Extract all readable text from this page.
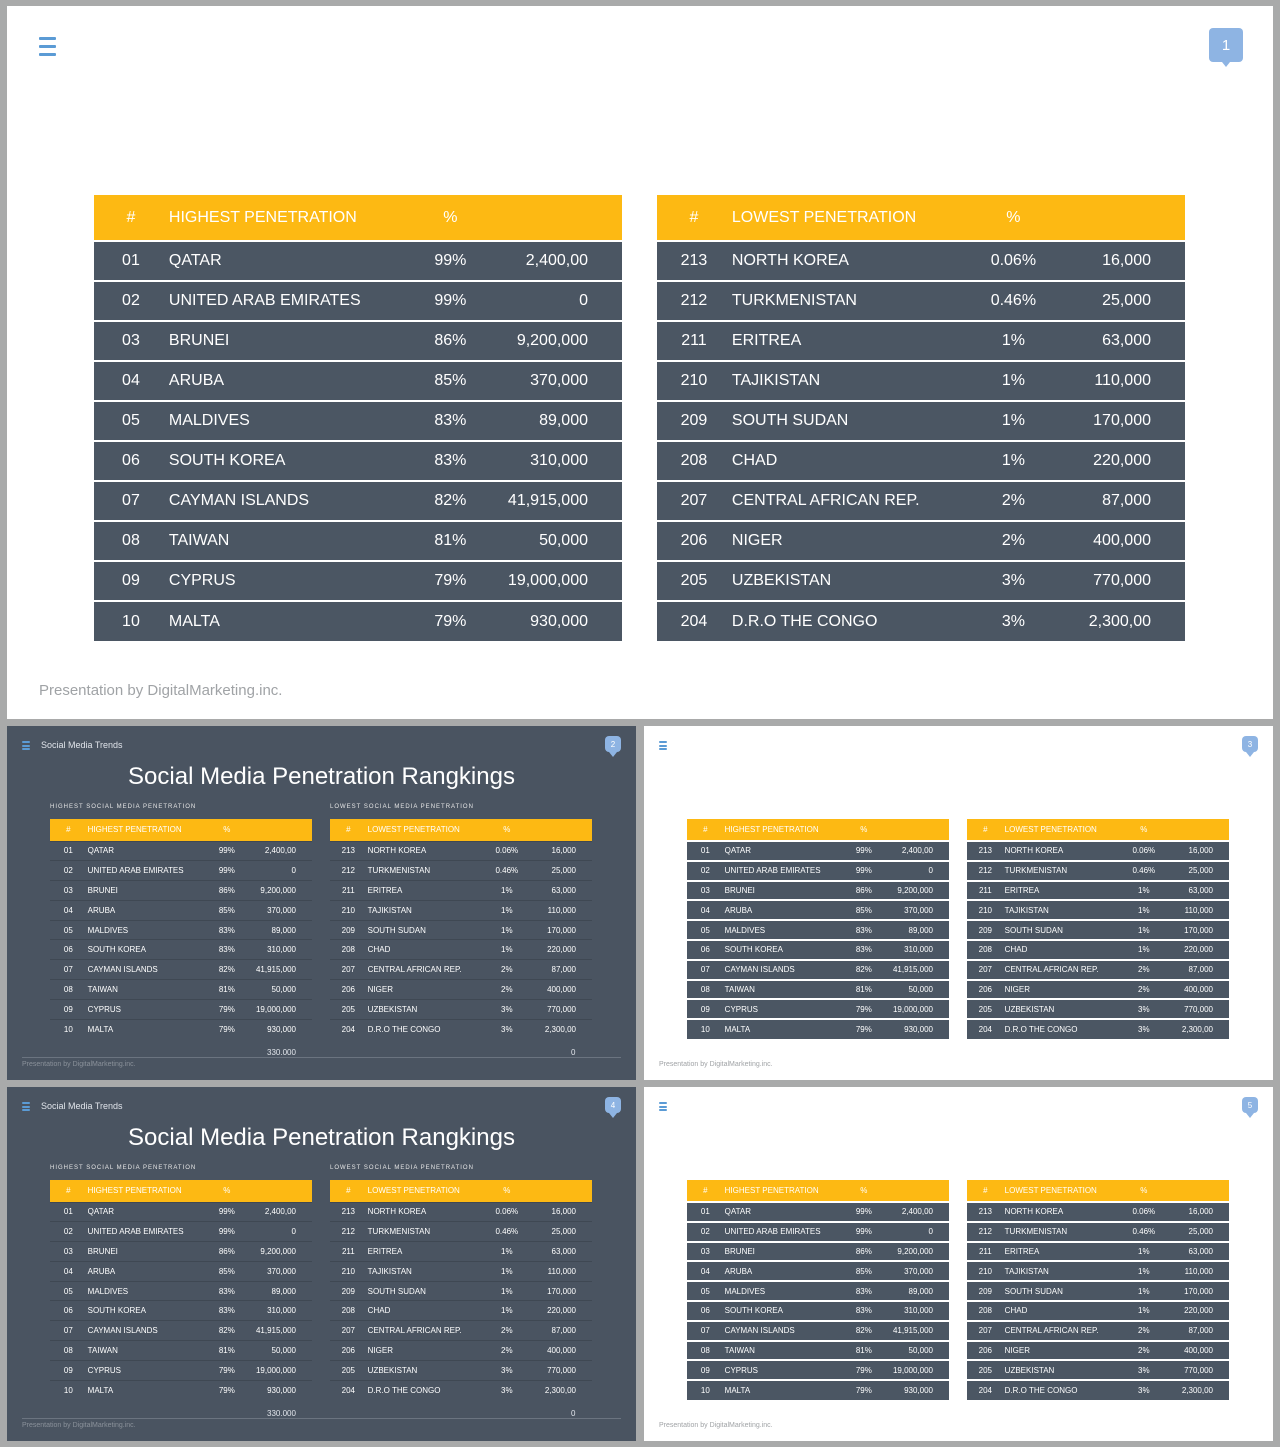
1
#	HIGHEST PENETRATION	%	
01	QATAR	99%	2,400,00
02	UNITED ARAB EMIRATES	99%	0
03	BRUNEI	86%	9,200,000
04	ARUBA	85%	370,000
05	MALDIVES	83%	89,000
06	SOUTH KOREA	83%	310,000
07	CAYMAN ISLANDS	82%	41,915,000
08	TAIWAN	81%	50,000
09	CYPRUS	79%	19,000,000
10	MALTA	79%	930,000
#	LOWEST PENETRATION	%	
213	NORTH KOREA	0.06%	16,000
212	TURKMENISTAN	0.46%	25,000
211	ERITREA	1%	63,000
210	TAJIKISTAN	1%	110,000
209	SOUTH SUDAN	1%	170,000
208	CHAD	1%	220,000
207	CENTRAL AFRICAN REP.	2%	87,000
206	NIGER	2%	400,000
205	UZBEKISTAN	3%	770,000
204	D.R.O THE CONGO	3%	2,300,00
Presentation by DigitalMarketing.inc.
Social Media Trends	2
Social Media Penetration Rangkings
HIGHEST SOCIAL MEDIA PENETRATION	LOWEST SOCIAL MEDIA PENETRATION
#	HIGHEST PENETRATION	%	
01	QATAR	99%	2,400,00
02	UNITED ARAB EMIRATES	99%	0
03	BRUNEI	86%	9,200,000
04	ARUBA	85%	370,000
05	MALDIVES	83%	89,000
06	SOUTH KOREA	83%	310,000
07	CAYMAN ISLANDS	82%	41,915,000
08	TAIWAN	81%	50,000
09	CYPRUS	79%	19,000,000
10	MALTA	79%	930,000
#	LOWEST PENETRATION	%	
213	NORTH KOREA	0.06%	16,000
212	TURKMENISTAN	0.46%	25,000
211	ERITREA	1%	63,000
210	TAJIKISTAN	1%	110,000
209	SOUTH SUDAN	1%	170,000
208	CHAD	1%	220,000
207	CENTRAL AFRICAN REP.	2%	87,000
206	NIGER	2%	400,000
205	UZBEKISTAN	3%	770,000
204	D.R.O THE CONGO	3%	2,300,00
330.000	0
Presentation by DigitalMarketing.inc.
3
#	HIGHEST PENETRATION	%	
01	QATAR	99%	2,400,00
02	UNITED ARAB EMIRATES	99%	0
03	BRUNEI	86%	9,200,000
04	ARUBA	85%	370,000
05	MALDIVES	83%	89,000
06	SOUTH KOREA	83%	310,000
07	CAYMAN ISLANDS	82%	41,915,000
08	TAIWAN	81%	50,000
09	CYPRUS	79%	19,000,000
10	MALTA	79%	930,000
#	LOWEST PENETRATION	%	
213	NORTH KOREA	0.06%	16,000
212	TURKMENISTAN	0.46%	25,000
211	ERITREA	1%	63,000
210	TAJIKISTAN	1%	110,000
209	SOUTH SUDAN	1%	170,000
208	CHAD	1%	220,000
207	CENTRAL AFRICAN REP.	2%	87,000
206	NIGER	2%	400,000
205	UZBEKISTAN	3%	770,000
204	D.R.O THE CONGO	3%	2,300,00
Presentation by DigitalMarketing.inc.
Social Media Trends	4
Social Media Penetration Rangkings
HIGHEST SOCIAL MEDIA PENETRATION	LOWEST SOCIAL MEDIA PENETRATION
#	HIGHEST PENETRATION	%	
01	QATAR	99%	2,400,00
02	UNITED ARAB EMIRATES	99%	0
03	BRUNEI	86%	9,200,000
04	ARUBA	85%	370,000
05	MALDIVES	83%	89,000
06	SOUTH KOREA	83%	310,000
07	CAYMAN ISLANDS	82%	41,915,000
08	TAIWAN	81%	50,000
09	CYPRUS	79%	19,000,000
10	MALTA	79%	930,000
#	LOWEST PENETRATION	%	
213	NORTH KOREA	0.06%	16,000
212	TURKMENISTAN	0.46%	25,000
211	ERITREA	1%	63,000
210	TAJIKISTAN	1%	110,000
209	SOUTH SUDAN	1%	170,000
208	CHAD	1%	220,000
207	CENTRAL AFRICAN REP.	2%	87,000
206	NIGER	2%	400,000
205	UZBEKISTAN	3%	770,000
204	D.R.O THE CONGO	3%	2,300,00
330.000	0
Presentation by DigitalMarketing.inc.
5
#	HIGHEST PENETRATION	%	
01	QATAR	99%	2,400,00
02	UNITED ARAB EMIRATES	99%	0
03	BRUNEI	86%	9,200,000
04	ARUBA	85%	370,000
05	MALDIVES	83%	89,000
06	SOUTH KOREA	83%	310,000
07	CAYMAN ISLANDS	82%	41,915,000
08	TAIWAN	81%	50,000
09	CYPRUS	79%	19,000,000
10	MALTA	79%	930,000
#	LOWEST PENETRATION	%	
213	NORTH KOREA	0.06%	16,000
212	TURKMENISTAN	0.46%	25,000
211	ERITREA	1%	63,000
210	TAJIKISTAN	1%	110,000
209	SOUTH SUDAN	1%	170,000
208	CHAD	1%	220,000
207	CENTRAL AFRICAN REP.	2%	87,000
206	NIGER	2%	400,000
205	UZBEKISTAN	3%	770,000
204	D.R.O THE CONGO	3%	2,300,00
Presentation by DigitalMarketing.inc.
